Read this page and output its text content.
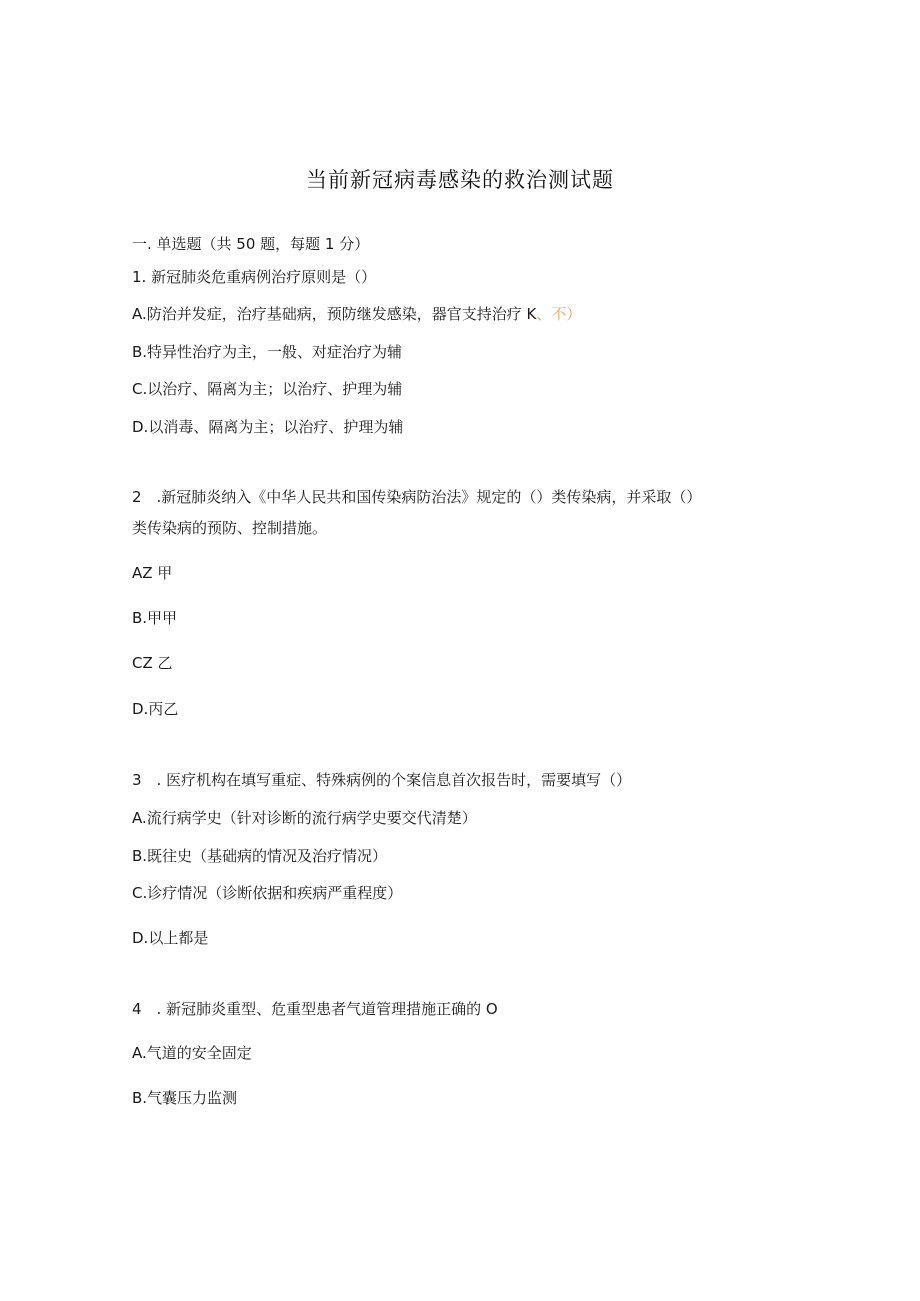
当前新冠病毒感染的救治测试题
一. 单选题（共 50 题，每题 1 分）
1. 新冠肺炎危重病例治疗原则是（）
A.防治并发症，治疗基础病，预防继发感染，器官支持治疗 K、不）
B.特异性治疗为主，一般、对症治疗为辅
C.以治疗、隔离为主；以治疗、护理为辅
D.以消毒、隔离为主；以治疗、护理为辅
2　.新冠肺炎纳入《中华人民共和国传染病防治法》规定的（）类传染病，并采取（）
类传染病的预防、控制措施。
AZ 甲
B.甲甲
CZ 乙
D.丙乙
3　. 医疗机构在填写重症、特殊病例的个案信息首次报告时，需要填写（）
A.流行病学史（针对诊断的流行病学史要交代清楚）
B.既往史（基础病的情况及治疗情况）
C.诊疗情况（诊断依据和疾病严重程度）
D.以上都是
4　. 新冠肺炎重型、危重型患者气道管理措施正确的 O
A.气道的安全固定
B.气囊压力监测
